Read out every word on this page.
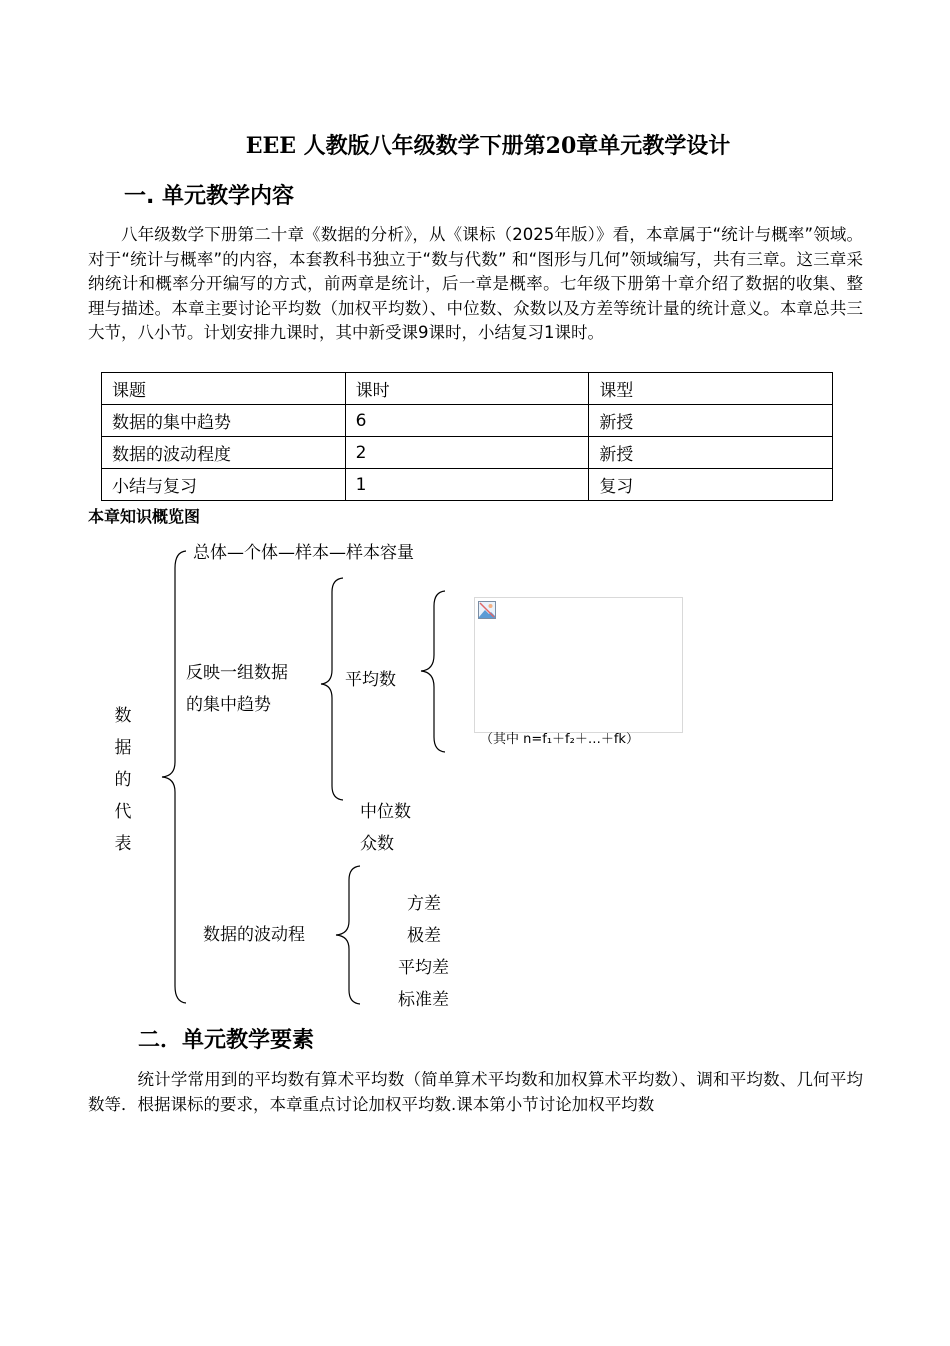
EEE 人教版八年级数学下册第20章单元教学设计
一. 单元教学内容

八年级数学下册第二十章《数据的分析》，从《课标（2025年版）》看，本章属于“统计与概率”领域。对于“统计与概率”的内容，本套教科书独立于“数与代数” 和“图形与几何”领域编写，共有三章。这三章采纳统计和概率分开编写的方式，前两章是统计，后一章是概率。七年级下册第十章介绍了数据的收集、整理与描述。本章主要讨论平均数（加权平均数）、中位数、众数以及方差等统计量的统计意义。本章总共三大节，八小节。计划安排九课时，其中新受课9课时，小结复习1课时。

课题	课时	课型
数据的集中趋势	6	新授
数据的波动程度	2	新授
小结与复习	1	复习
本章知识概览图
数据的代表
总体—个体—样本—样本容量
反映一组数据
的集中趋势
平均数
（其中 n=f₁＋f₂＋…＋fk）
中位数
众数
数据的波动程
方差
极差
平均差
标准差
二．单元教学要素

统计学常用到的平均数有算术平均数（简单算术平均数和加权算术平均数）、调和平均数、几何平均数等．根据课标的要求，本章重点讨论加权平均数.课本第小节讨论加权平均数
